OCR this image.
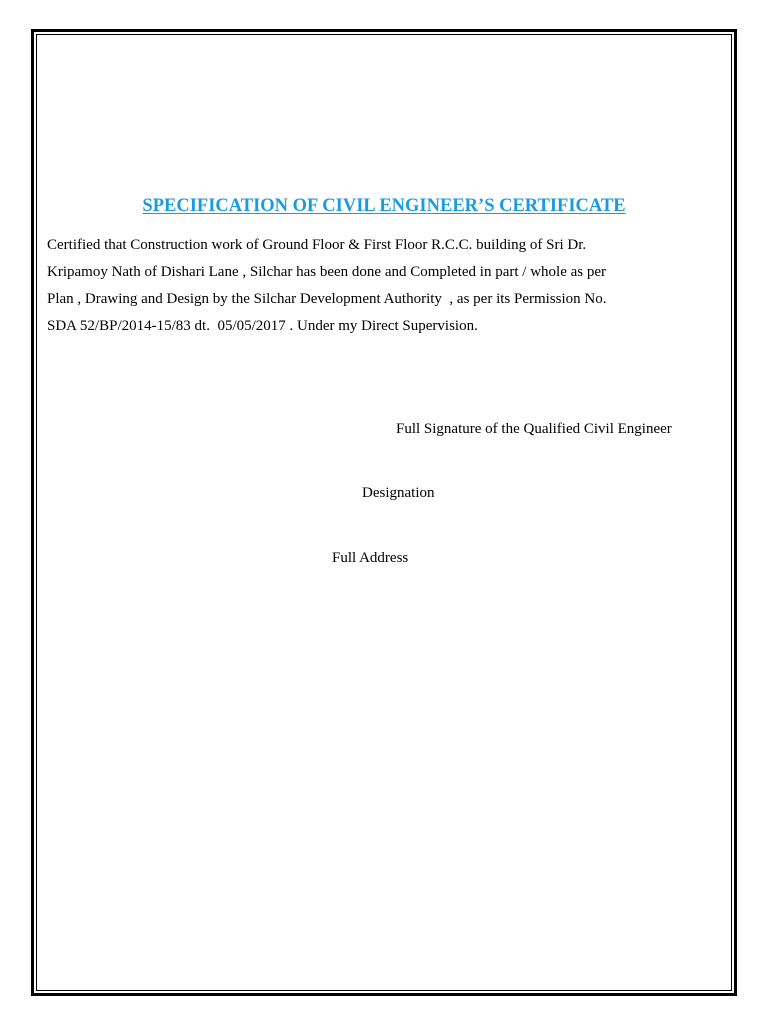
SPECIFICATION OF CIVIL ENGINEER’S CERTIFICATE
Certified that Construction work of Ground Floor & First Floor R.C.C. building of Sri Dr.
Kripamoy Nath of Dishari Lane , Silchar has been done and Completed in part / whole as per
Plan , Drawing and Design by the Silchar Development Authority  , as per its Permission No.
SDA 52/BP/2014-15/83 dt.  05/05/2017 . Under my Direct Supervision.
Full Signature of the Qualified Civil Engineer
Designation
Full Address
